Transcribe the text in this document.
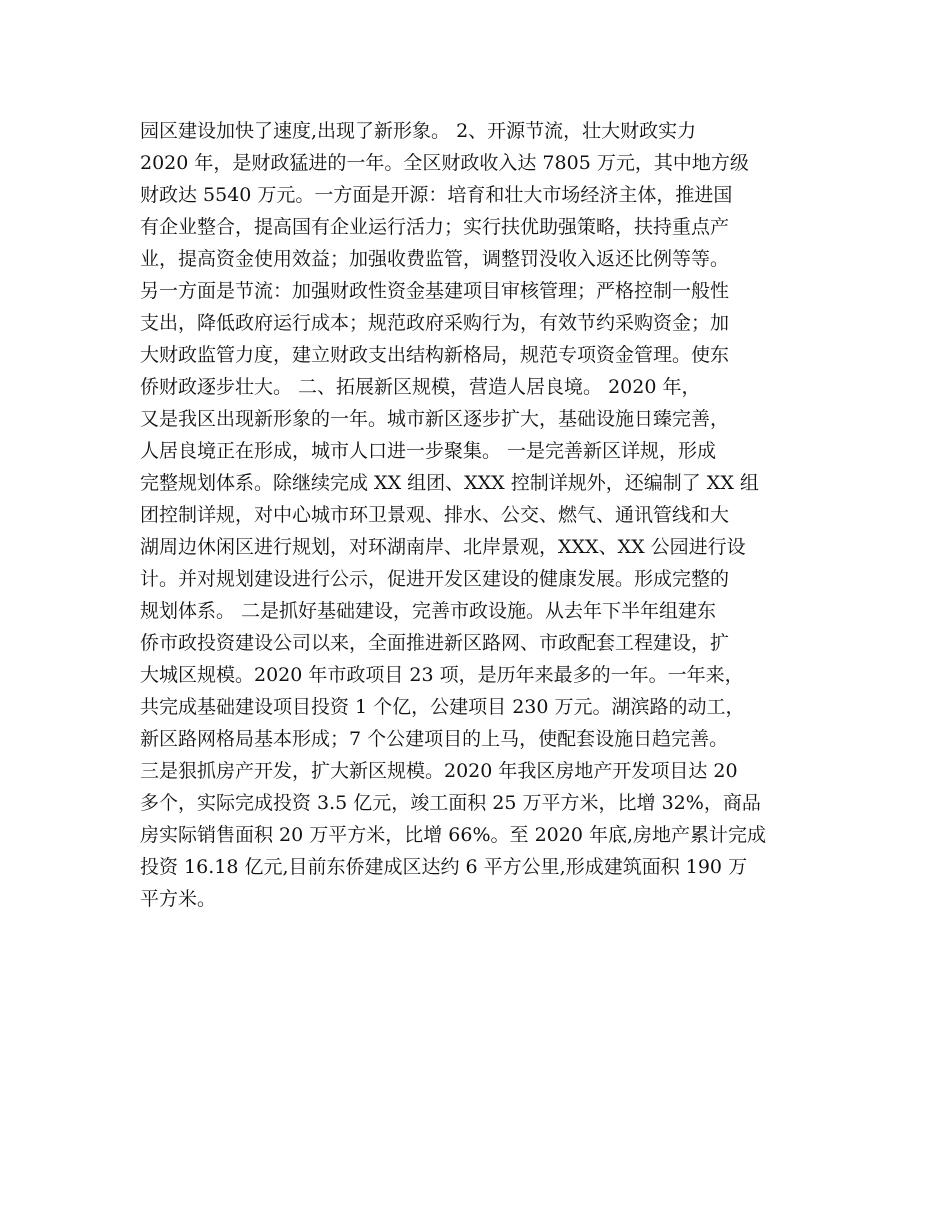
园区建设加快了速度,出现了新形象。 2、开源节流，壮大财政实力
2020 年，是财政猛进的一年。全区财政收入达 7805 万元，其中地方级
财政达 5540 万元。一方面是开源：培育和壮大市场经济主体，推进国
有企业整合，提高国有企业运行活力；实行扶优助强策略，扶持重点产
业，提高资金使用效益；加强收费监管，调整罚没收入返还比例等等。
另一方面是节流：加强财政性资金基建项目审核管理；严格控制一般性
支出，降低政府运行成本；规范政府采购行为，有效节约采购资金；加
大财政监管力度，建立财政支出结构新格局，规范专项资金管理。使东
侨财政逐步壮大。 二、拓展新区规模，营造人居良境。 2020 年，
又是我区出现新形象的一年。城市新区逐步扩大，基础设施日臻完善，
人居良境正在形成，城市人口进一步聚集。 一是完善新区详规，形成
完整规划体系。除继续完成 XX 组团、XXX 控制详规外，还编制了 XX 组
团控制详规，对中心城市环卫景观、排水、公交、燃气、通讯管线和大
湖周边休闲区进行规划，对环湖南岸、北岸景观，XXX、XX 公园进行设
计。并对规划建设进行公示，促进开发区建设的健康发展。形成完整的
规划体系。 二是抓好基础建设，完善市政设施。从去年下半年组建东
侨市政投资建设公司以来，全面推进新区路网、市政配套工程建设，扩
大城区规模。2020 年市政项目 23 项，是历年来最多的一年。一年来，
共完成基础建设项目投资 1 个亿，公建项目 230 万元。湖滨路的动工，
新区路网格局基本形成；7 个公建项目的上马，使配套设施日趋完善。
三是狠抓房产开发，扩大新区规模。2020 年我区房地产开发项目达 20
多个，实际完成投资 3.5 亿元，竣工面积 25 万平方米，比增 32%，商品
房实际销售面积 20 万平方米，比增 66%。至 2020 年底,房地产累计完成
投资 16.18 亿元,目前东侨建成区达约 6 平方公里,形成建筑面积 190 万
平方米。
